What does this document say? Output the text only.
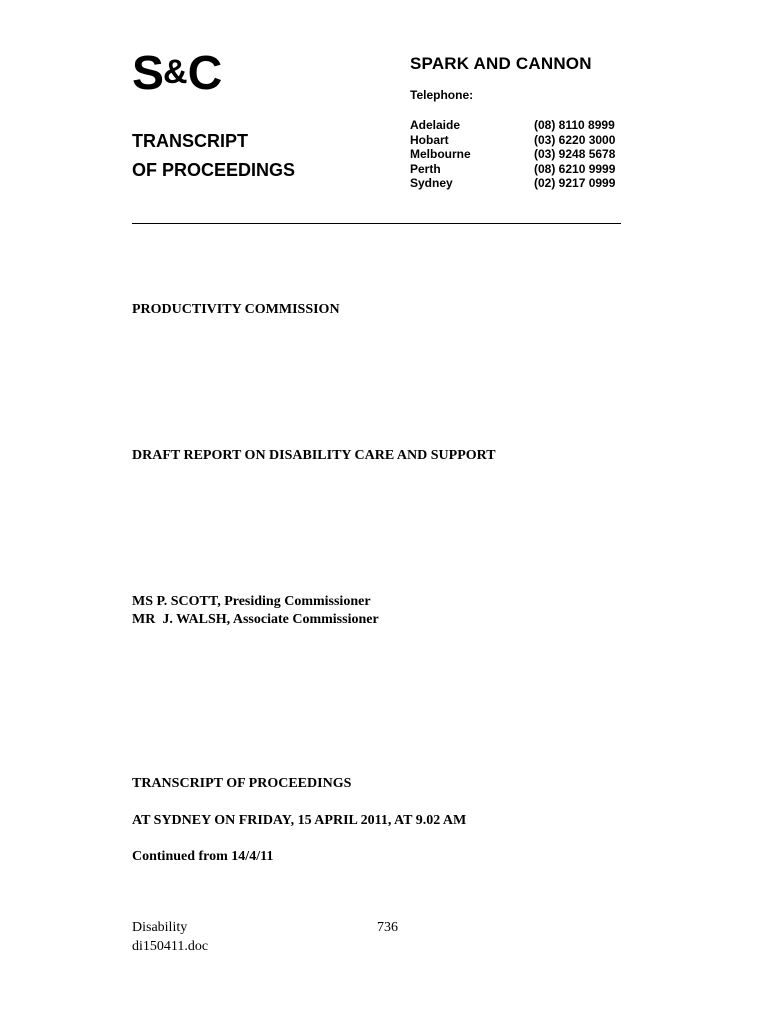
S&C	SPARK AND CANNON
Telephone:
Adelaide	(08) 8110 8999
Hobart	(03) 6220 3000
Melbourne	(03) 9248 5678
Perth	(08) 6210 9999
Sydney	(02) 9217 0999
TRANSCRIPT
OF PROCEEDINGS
PRODUCTIVITY COMMISSION
DRAFT REPORT ON DISABILITY CARE AND SUPPORT
MS P. SCOTT, Presiding Commissioner
MR  J. WALSH, Associate Commissioner
TRANSCRIPT OF PROCEEDINGS
AT SYDNEY ON FRIDAY, 15 APRIL 2011, AT 9.02 AM
Continued from 14/4/11
Disability
di150411.doc
736
